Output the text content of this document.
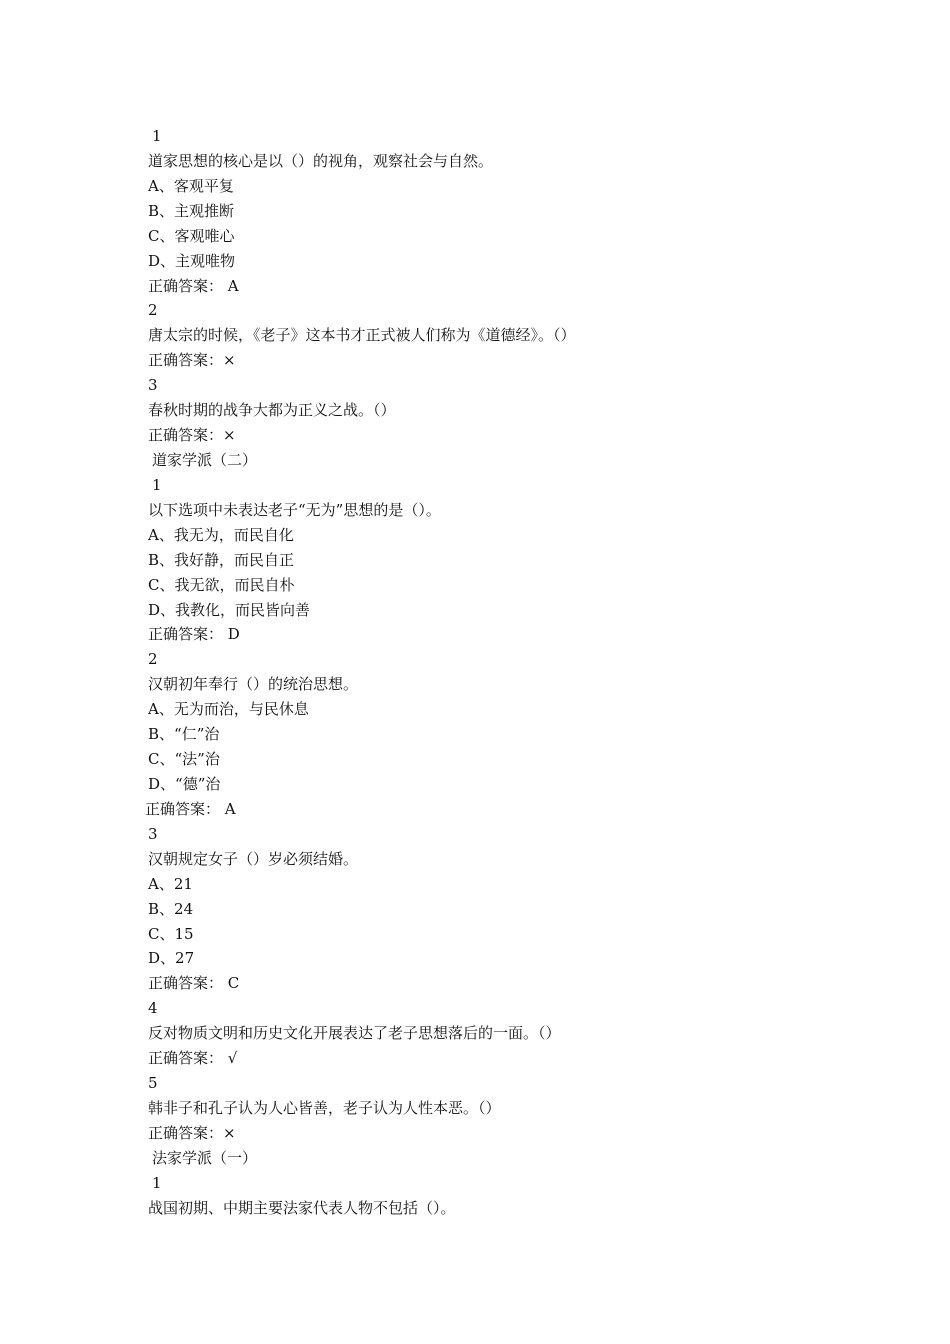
1
道家思想的核心是以（）的视角，观察社会与自然。
A、客观平复
B、主观推断
C、客观唯心
D、主观唯物
正确答案： A
2
唐太宗的时候，《老子》这本书才正式被人们称为《道德经》。（）
正确答案：×
3
春秋时期的战争大都为正义之战。（）
正确答案：×
道家学派（二）
1
以下选项中未表达老子“无为”思想的是（）。
A、我无为，而民自化
B、我好静，而民自正
C、我无欲，而民自朴
D、我教化，而民皆向善
正确答案： D
2
汉朝初年奉行（）的统治思想。
A、无为而治，与民休息
B、“仁”治
C、“法”治
D、“德”治
正确答案： A
3
汉朝规定女子（）岁必须结婚。
A、21
B、24
C、15
D、27
正确答案： C
4
反对物质文明和历史文化开展表达了老子思想落后的一面。（）
正确答案： √
5
韩非子和孔子认为人心皆善，老子认为人性本恶。（）
正确答案：×
法家学派（一）
1
战国初期、中期主要法家代表人物不包括（）。
